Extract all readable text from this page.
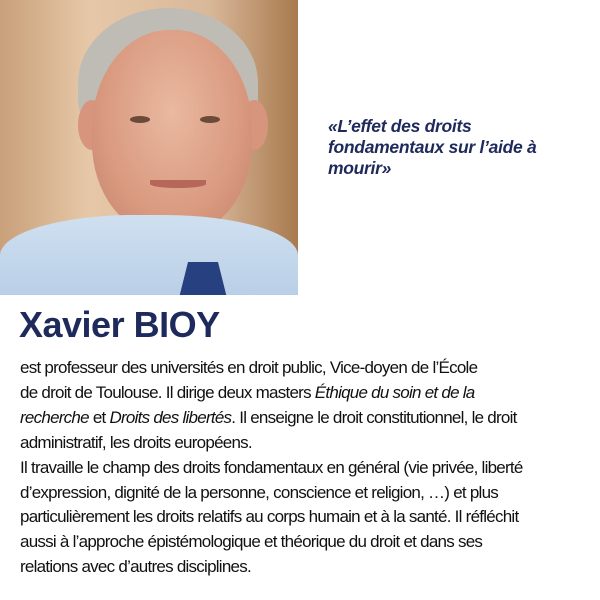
«L’effet des droits
fondamentaux sur l’aide à
mourir»
Xavier BIOY
est professeur des universités en droit public, Vice-doyen de l’École
de droit de Toulouse. Il dirige deux masters Éthique du soin et de la
recherche et Droits des libertés. Il enseigne le droit constitutionnel, le droit
administratif, les droits européens.
Il travaille le champ des droits fondamentaux en général (vie privée, liberté
d’expression, dignité de la personne, conscience et religion, …) et plus
particulièrement les droits relatifs au corps humain et à la santé. Il réfléchit
aussi à l’approche épistémologique et théorique du droit et dans ses
relations avec d’autres disciplines.
